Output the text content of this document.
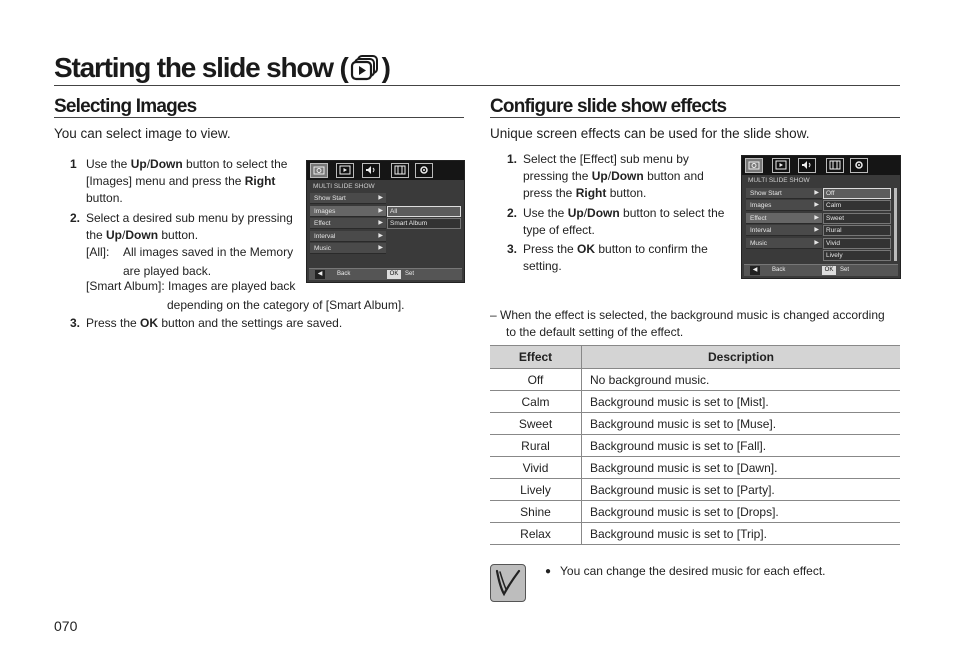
Starting the slide show ( )
Selecting Images
You can select image to view.
1 Use the Up/Down button to select the
[Images] menu and press the Right
button.
2. Select a desired sub menu by pressing
the Up/Down button.
[All]: All images saved in the Memory
are played back.
[Smart Album]: Images are played back
depending on the category of [Smart Album].
3. Press the OK button and the settings are saved.
MULTI SLIDE SHOW
Show Start	▶
Images	▶
Effect	▶
Interval	▶
Music	▶
All
Smart Album
◀	Back	OK	Set
Configure slide show effects
Unique screen effects can be used for the slide show.
1. Select the [Effect] sub menu by
pressing the Up/Down button and
press the Right button.
2. Use the Up/Down button to select the
type of effect.
3. Press the OK button to confirm the
setting.
MULTI SLIDE SHOW
Show Start	▶
Images	▶
Effect	▶
Interval	▶
Music	▶
Off
Calm
Sweet
Rural
Vivid
Lively
◀	Back	OK	Set
– When the effect is selected, the background music is changed according
to the default setting of the effect.
Effect	Description
Off	No background music.
Calm	Background music is set to [Mist].
Sweet	Background music is set to [Muse].
Rural	Background music is set to [Fall].
Vivid	Background music is set to [Dawn].
Lively	Background music is set to [Party].
Shine	Background music is set to [Drops].
Relax	Background music is set to [Trip].
● You can change the desired music for each effect.
070
